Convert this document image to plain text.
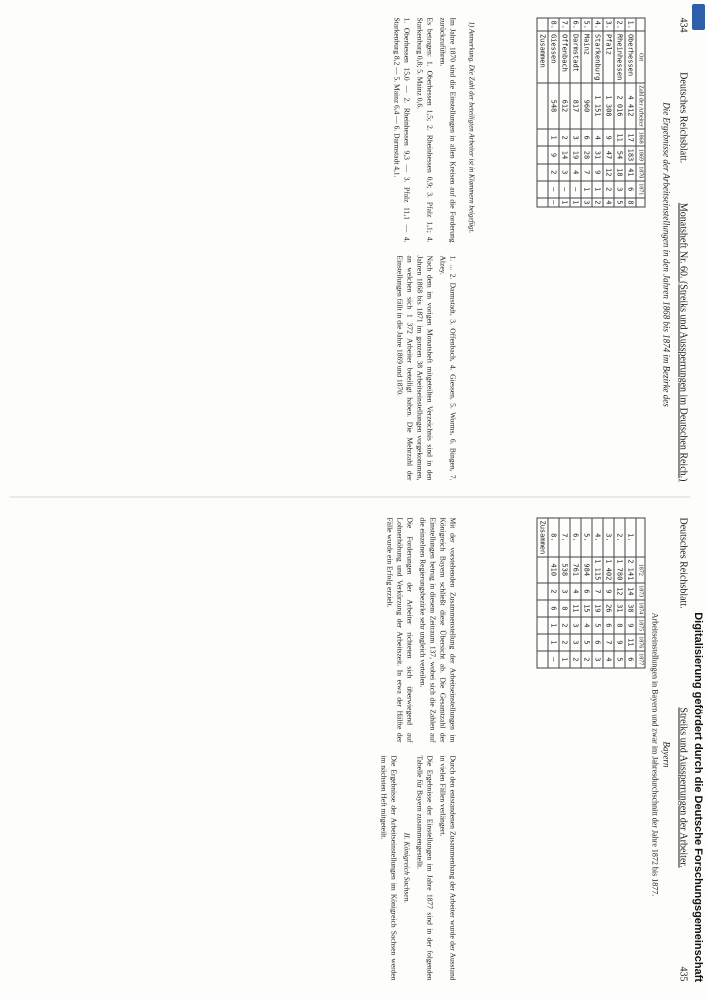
434
Deutsches Reichsblatt.
Monatsheft Nr. 60. (Streiks und Aussperrungen im Deutschen Reich.)
Die Ergebnisse der Arbeitseinstellungen in den Jahren 1868 bis 1874 im Bezirke des
	Ort	Zahl der Arbeiter	1868	1869	1870	1871	
1.	Oberhessen	4 412	17	183	41	6	8
2.	Rheinhessen	2 016	11	54	18	3	5
3.	Pfalz	1 308	9	47	12	2	4
4.	Starkenburg	1 151	4	31	9	1	2
5.	Mainz	960	6	28	7	1	3
6.	Darmstadt	817	3	19	4	—	1
7.	Offenbach	612	2	14	3	—	1
8.	Giessen	548	1	9	2	—	—
	Zusammen						
1) Anmerkung. Die Zahl der beteiligten Arbeiter ist in Klammern beigefügt.

Im Jahre 1870 sind die Einstellungen in allen Kreisen auf die Forderung zurückzuführen.

Es betragen: 1. Oberhessen 1,5; 2. Rheinhessen 0,9; 3. Pfalz 1,1; 4. Starkenburg 0,8; 5. Mainz 0,6.

1. Oberhessen 15,0 — 2. Rheinhessen 9,3 — 3. Pfalz 11,1 — 4. Starkenburg 8,2 — 5. Mainz 6,4 — 6. Darmstadt 4,1.

1. ... 2. Darmstadt, 3. Offenbach, 4. Giessen, 5. Worms, 6. Bingen, 7. Alzey.

Nach dem im vorigen Monatsheft mitgeteilten Verzeichnis sind in den Jahren 1868 bis 1871 im ganzen 38 Arbeitseinstellungen vorgekommen, an welchen sich 1 372 Arbeiter beteiligt haben. Die Mehrzahl der Einstellungen fällt in die Jahre 1869 und 1870.

Deutsches Reichsblatt.
Streiks und Aussperrungen der Arbeiter.
435
Bayern
Arbeitseinstellungen in Bayern und zwar im Jahresdurchschnitt der Jahre 1872 bis 1877.
	1872	1873	1874	1875	1876	1877
1.	2 141	14	38	9	11	6
2.	1 780	12	31	8	9	5
3.	1 402	9	26	6	7	4
4.	1 115	7	19	5	6	3
5.	984	6	15	4	5	2
6.	761	4	11	3	3	2
7.	538	3	8	2	2	1
8.	410	2	6	1	1	—
Zusammen						

Mit der vorstehenden Zusammenstellung der Arbeitseinstellungen im Königreich Bayern schließt diese Übersicht ab. Die Gesamtzahl der Einstellungen betrug in diesem Zeitraum 137, wobei sich die Zahlen auf die einzelnen Regierungsbezirke sehr ungleich verteilen.

Die Forderungen der Arbeiter richteten sich überwiegend auf Lohnerhöhung und Verkürzung der Arbeitszeit. In etwa der Hälfte der Fälle wurde ein Erfolg erzielt.

Durch den entstandenen Zusammenhang der Arbeiter wurde der Ausstand in vielen Fällen verlängert.

Die Ergebnisse der Einstellungen im Jahre 1877 sind in der folgenden Tabelle für Bayern zusammengestellt.

II. Königreich Sachsen.

Die Ergebnisse der Arbeitseinstellungen im Königreich Sachsen werden im nächsten Heft mitgeteilt.	Digitalisierung gefördert durch die Deutsche Forschungsgemeinschaft
